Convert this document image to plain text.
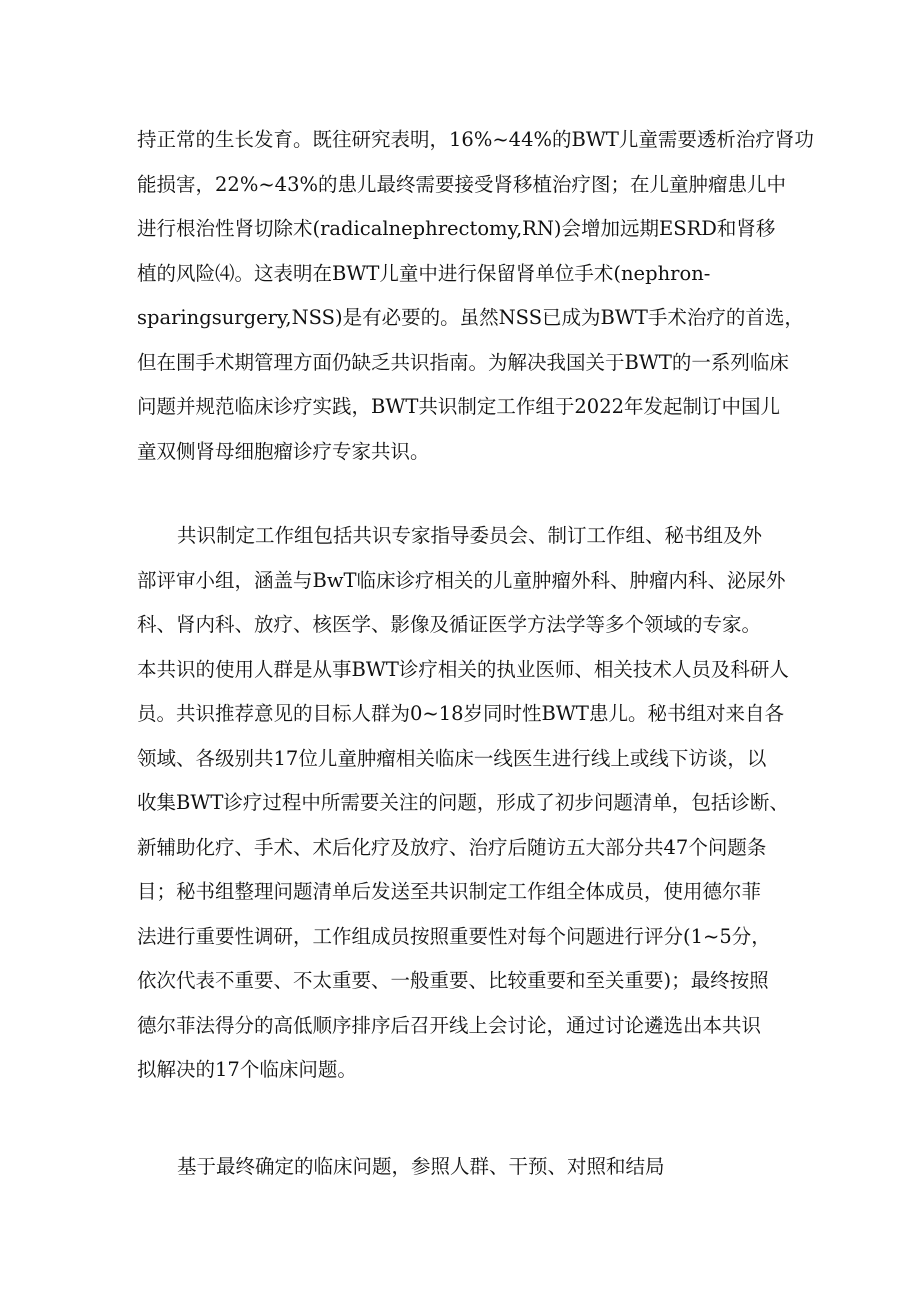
持正常的生长发育。既往研究表明，16%~44%的BWT儿童需要透析治疗肾功
能损害，22%~43%的患儿最终需要接受肾移植治疗图；在儿童肿瘤患儿中
进行根治性肾切除术(radicalnephrectomy,RN)会增加远期ESRD和肾移
植的风险⑷。这表明在BWT儿童中进行保留肾单位手术(nephron-
sparingsurgery,NSS)是有必要的。虽然NSS已成为BWT手术治疗的首选，
但在围手术期管理方面仍缺乏共识指南。为解决我国关于BWT的一系列临床
问题并规范临床诊疗实践，BWT共识制定工作组于2022年发起制订中国儿
童双侧肾母细胞瘤诊疗专家共识。
共识制定工作组包括共识专家指导委员会、制订工作组、秘书组及外
部评审小组，涵盖与BwT临床诊疗相关的儿童肿瘤外科、肿瘤内科、泌尿外
科、肾内科、放疗、核医学、影像及循证医学方法学等多个领域的专家。
本共识的使用人群是从事BWT诊疗相关的执业医师、相关技术人员及科研人
员。共识推荐意见的目标人群为0~18岁同时性BWT患儿。秘书组对来自各
领域、各级别共17位儿童肿瘤相关临床一线医生进行线上或线下访谈，以
收集BWT诊疗过程中所需要关注的问题，形成了初步问题清单，包括诊断、
新辅助化疗、手术、术后化疗及放疗、治疗后随访五大部分共47个问题条
目；秘书组整理问题清单后发送至共识制定工作组全体成员，使用德尔菲
法进行重要性调研，工作组成员按照重要性对每个问题进行评分(1~5分，
依次代表不重要、不太重要、一般重要、比较重要和至关重要)；最终按照
德尔菲法得分的高低顺序排序后召开线上会讨论，通过讨论遴选出本共识
拟解决的17个临床问题。
基于最终确定的临床问题，参照人群、干预、对照和结局
